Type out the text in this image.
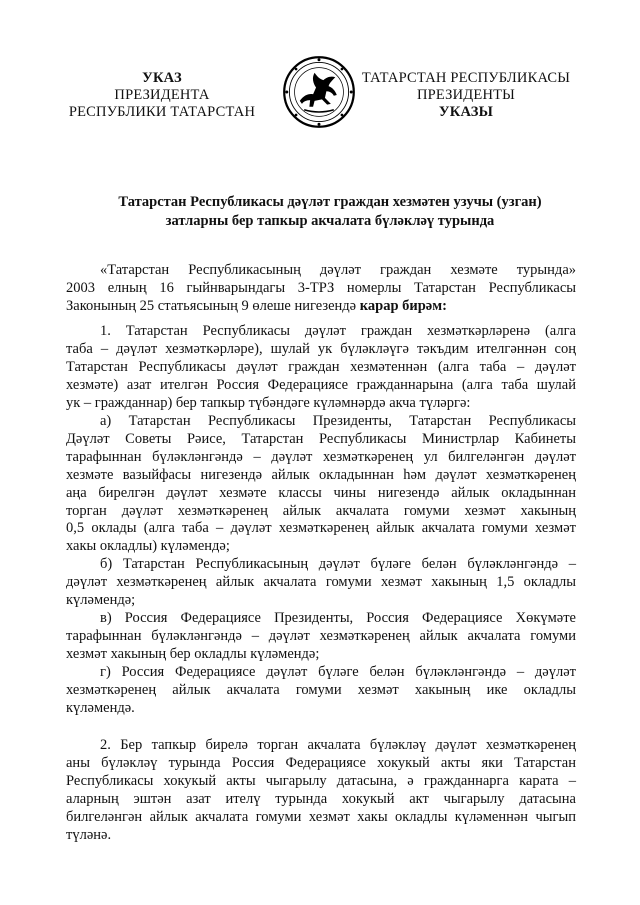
УКАЗ
ПРЕЗИДЕНТА
РЕСПУБЛИКИ ТАТАРСТАН
ТАТАРСТАН РЕСПУБЛИКАСЫ
ПРЕЗИДЕНТЫ
УКАЗЫ
Татарстан Республикасы дәүләт граждан хезмәтен узучы (узган)
затларны бер тапкыр акчалата бүләкләү турында
«Татарстан Республикасының дәүләт граждан хезмәте турында»
2003 елның 16 гыйнварындагы 3-ТРЗ номерлы Татарстан Республикасы
Законының 25 статьясының 9 өлеше нигезендә карар бирәм:
1. Татарстан Республикасы дәүләт граждан хезмәткәрләренә (алга
таба – дәүләт хезмәткәрләре), шулай ук бүләкләүгә тәкъдим ителгәннән соң
Татарстан Республикасы дәүләт граждан хезмәтеннән (алга таба – дәүләт
хезмәте) азат ителгән Россия Федерациясе гражданнарына (алга таба шулай
ук – гражданнар) бер тапкыр түбәндәге күләмнәрдә акча түләргә:
а) Татарстан Республикасы Президенты, Татарстан Республикасы
Дәүләт Советы Рәисе, Татарстан Республикасы Министрлар Кабинеты
тарафыннан бүләкләнгәндә – дәүләт хезмәткәренең ул билгеләнгән дәүләт
хезмәте вазыйфасы нигезендә айлык окладыннан һәм дәүләт хезмәткәренең
аңа бирелгән дәүләт хезмәте классы чины нигезендә айлык окладыннан
торган дәүләт хезмәткәренең айлык акчалата гомуми хезмәт хакының
0,5 оклады (алга таба – дәүләт хезмәткәренең айлык акчалата гомуми хезмәт
хакы окладлы) күләмендә;
б) Татарстан Республикасының дәүләт бүләге белән бүләкләнгәндә –
дәүләт хезмәткәренең айлык акчалата гомуми хезмәт хакының 1,5 окладлы
күләмендә;
в) Россия Федерациясе Президенты, Россия Федерациясе Хөкүмәте
тарафыннан бүләкләнгәндә – дәүләт хезмәткәренең айлык акчалата гомуми
хезмәт хакының бер окладлы күләмендә;
г) Россия Федерациясе дәүләт бүләге белән бүләкләнгәндә – дәүләт
хезмәткәренең айлык акчалата гомуми хезмәт хакының ике окладлы
күләмендә.
2. Бер тапкыр бирелә торган акчалата бүләкләү дәүләт хезмәткәренең
аны бүләкләү турында Россия Федерациясе хокукый акты яки Татарстан
Республикасы хокукый акты чыгарылу датасына, ә гражданнарга карата –
аларның эштән азат ителү турында хокукый акт чыгарылу датасына
билгеләнгән айлык акчалата гомуми хезмәт хакы окладлы күләменнән чыгып
түләнә.
